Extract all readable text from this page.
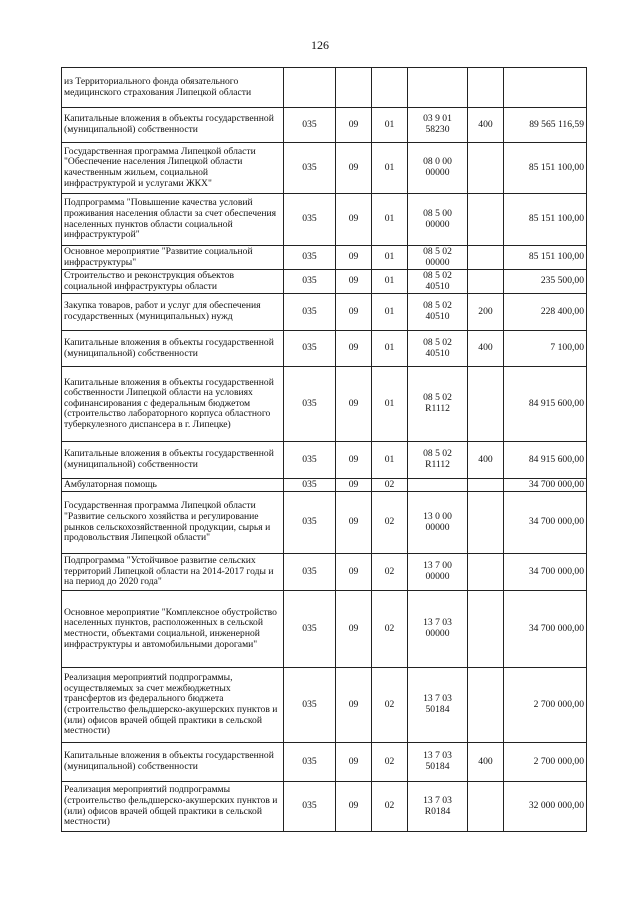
126
из Территориального фонда обязательного медицинского страхования Липецкой области						
Капитальные вложения в объекты государственной (муниципальной) собственности	035	09	01	03 9 01 58230	400	89 565 116,59
Государственная программа Липецкой области "Обеспечение населения Липецкой области качественным жильем, социальной инфраструктурой и услугами ЖКХ"	035	09	01	08 0 00 00000		85 151 100,00
Подпрограмма "Повышение качества условий проживания населения области за счет обеспечения населенных пунктов области социальной инфраструктурой"	035	09	01	08 5 00 00000		85 151 100,00
Основное мероприятие "Развитие социальной инфраструктуры"	035	09	01	08 5 02 00000		85 151 100,00
Строительство и реконструкция объектов социальной инфраструктуры области	035	09	01	08 5 02 40510		235 500,00
Закупка товаров, работ и услуг для обеспечения государственных (муниципальных) нужд	035	09	01	08 5 02 40510	200	228 400,00
Капитальные вложения в объекты государственной (муниципальной) собственности	035	09	01	08 5 02 40510	400	7 100,00
Капитальные вложения в объекты государственной собственности Липецкой области на условиях софинансирования с федеральным бюджетом (строительство лабораторного корпуса областного туберкулезного диспансера в г. Липецке)	035	09	01	08 5 02 R1112		84 915 600,00
Капитальные вложения в объекты государственной (муниципальной) собственности	035	09	01	08 5 02 R1112	400	84 915 600,00
Амбулаторная помощь	035	09	02			34 700 000,00
Государственная программа Липецкой области "Развитие сельского хозяйства и регулирование рынков сельскохозяйственной продукции, сырья и продовольствия Липецкой области"	035	09	02	13 0 00 00000		34 700 000,00
Подпрограмма "Устойчивое развитие сельских территорий Липецкой области на 2014-2017 годы и на период до 2020 года"	035	09	02	13 7 00 00000		34 700 000,00
Основное мероприятие "Комплексное обустройство населенных пунктов, расположенных в сельской местности, объектами социальной, инженерной инфраструктуры и автомобильными дорогами"	035	09	02	13 7 03 00000		34 700 000,00
Реализация мероприятий подпрограммы, осуществляемых за счет межбюджетных трансфертов из федерального бюджета (строительство фельдшерско-акушерских пунктов и (или) офисов врачей общей практики в сельской местности)	035	09	02	13 7 03 50184		2 700 000,00
Капитальные вложения в объекты государственной (муниципальной) собственности	035	09	02	13 7 03 50184	400	2 700 000,00
Реализация мероприятий подпрограммы (строительство фельдшерско-акушерских пунктов и (или) офисов врачей общей практики в сельской местности)	035	09	02	13 7 03 R0184		32 000 000,00
